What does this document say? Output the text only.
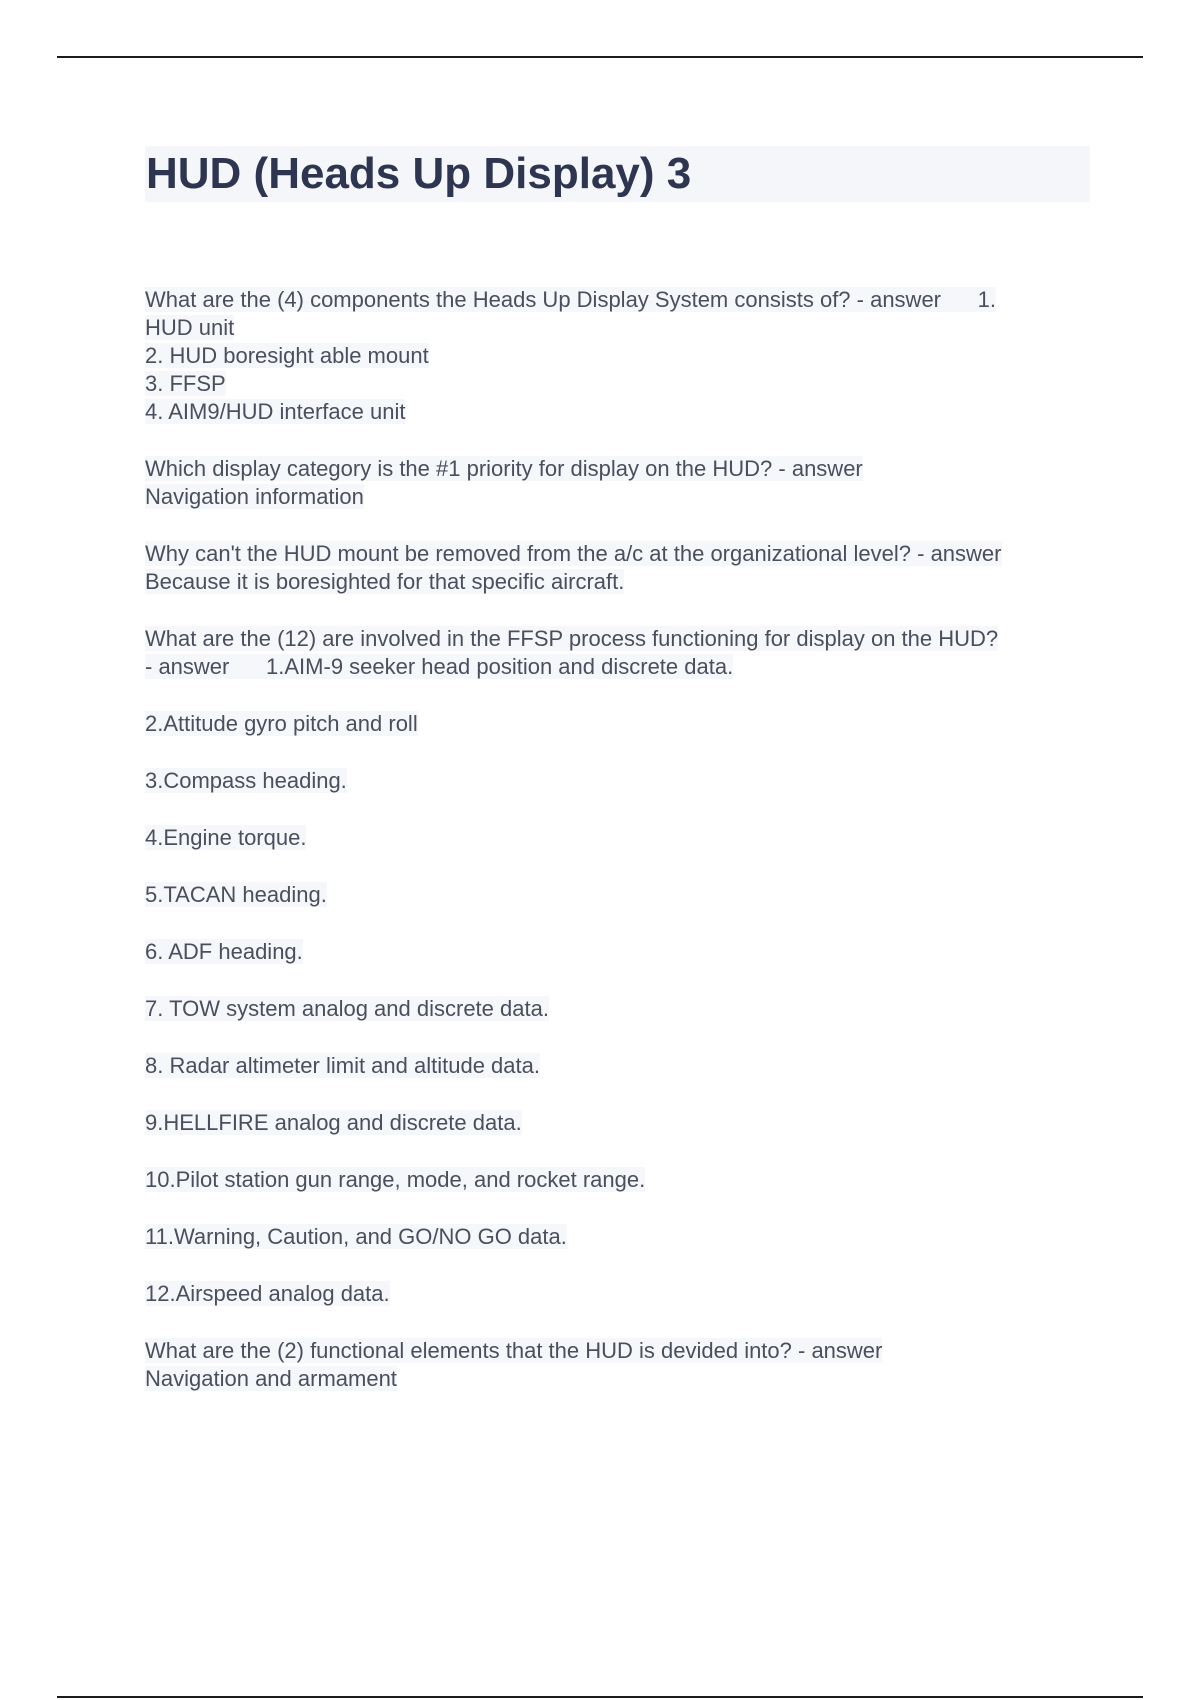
HUD (Heads Up Display) 3
What are the (4) components the Heads Up Display System consists of? - answer      1.
HUD unit
2. HUD boresight able mount
3. FFSP
4. AIM9/HUD interface unit
Which display category is the #1 priority for display on the HUD? - answer
Navigation information
Why can't the HUD mount be removed from the a/c at the organizational level? - answer
Because it is boresighted for that specific aircraft.
What are the (12) are involved in the FFSP process functioning for display on the HUD?
- answer      1.AIM-9 seeker head position and discrete data.
2.Attitude gyro pitch and roll
3.Compass heading.
4.Engine torque.
5.TACAN heading.
6. ADF heading.
7. TOW system analog and discrete data.
8. Radar altimeter limit and altitude data.
9.HELLFIRE analog and discrete data.
10.Pilot station gun range, mode, and rocket range.
11.Warning, Caution, and GO/NO GO data.
12.Airspeed analog data.
What are the (2) functional elements that the HUD is devided into? - answer
Navigation and armament
